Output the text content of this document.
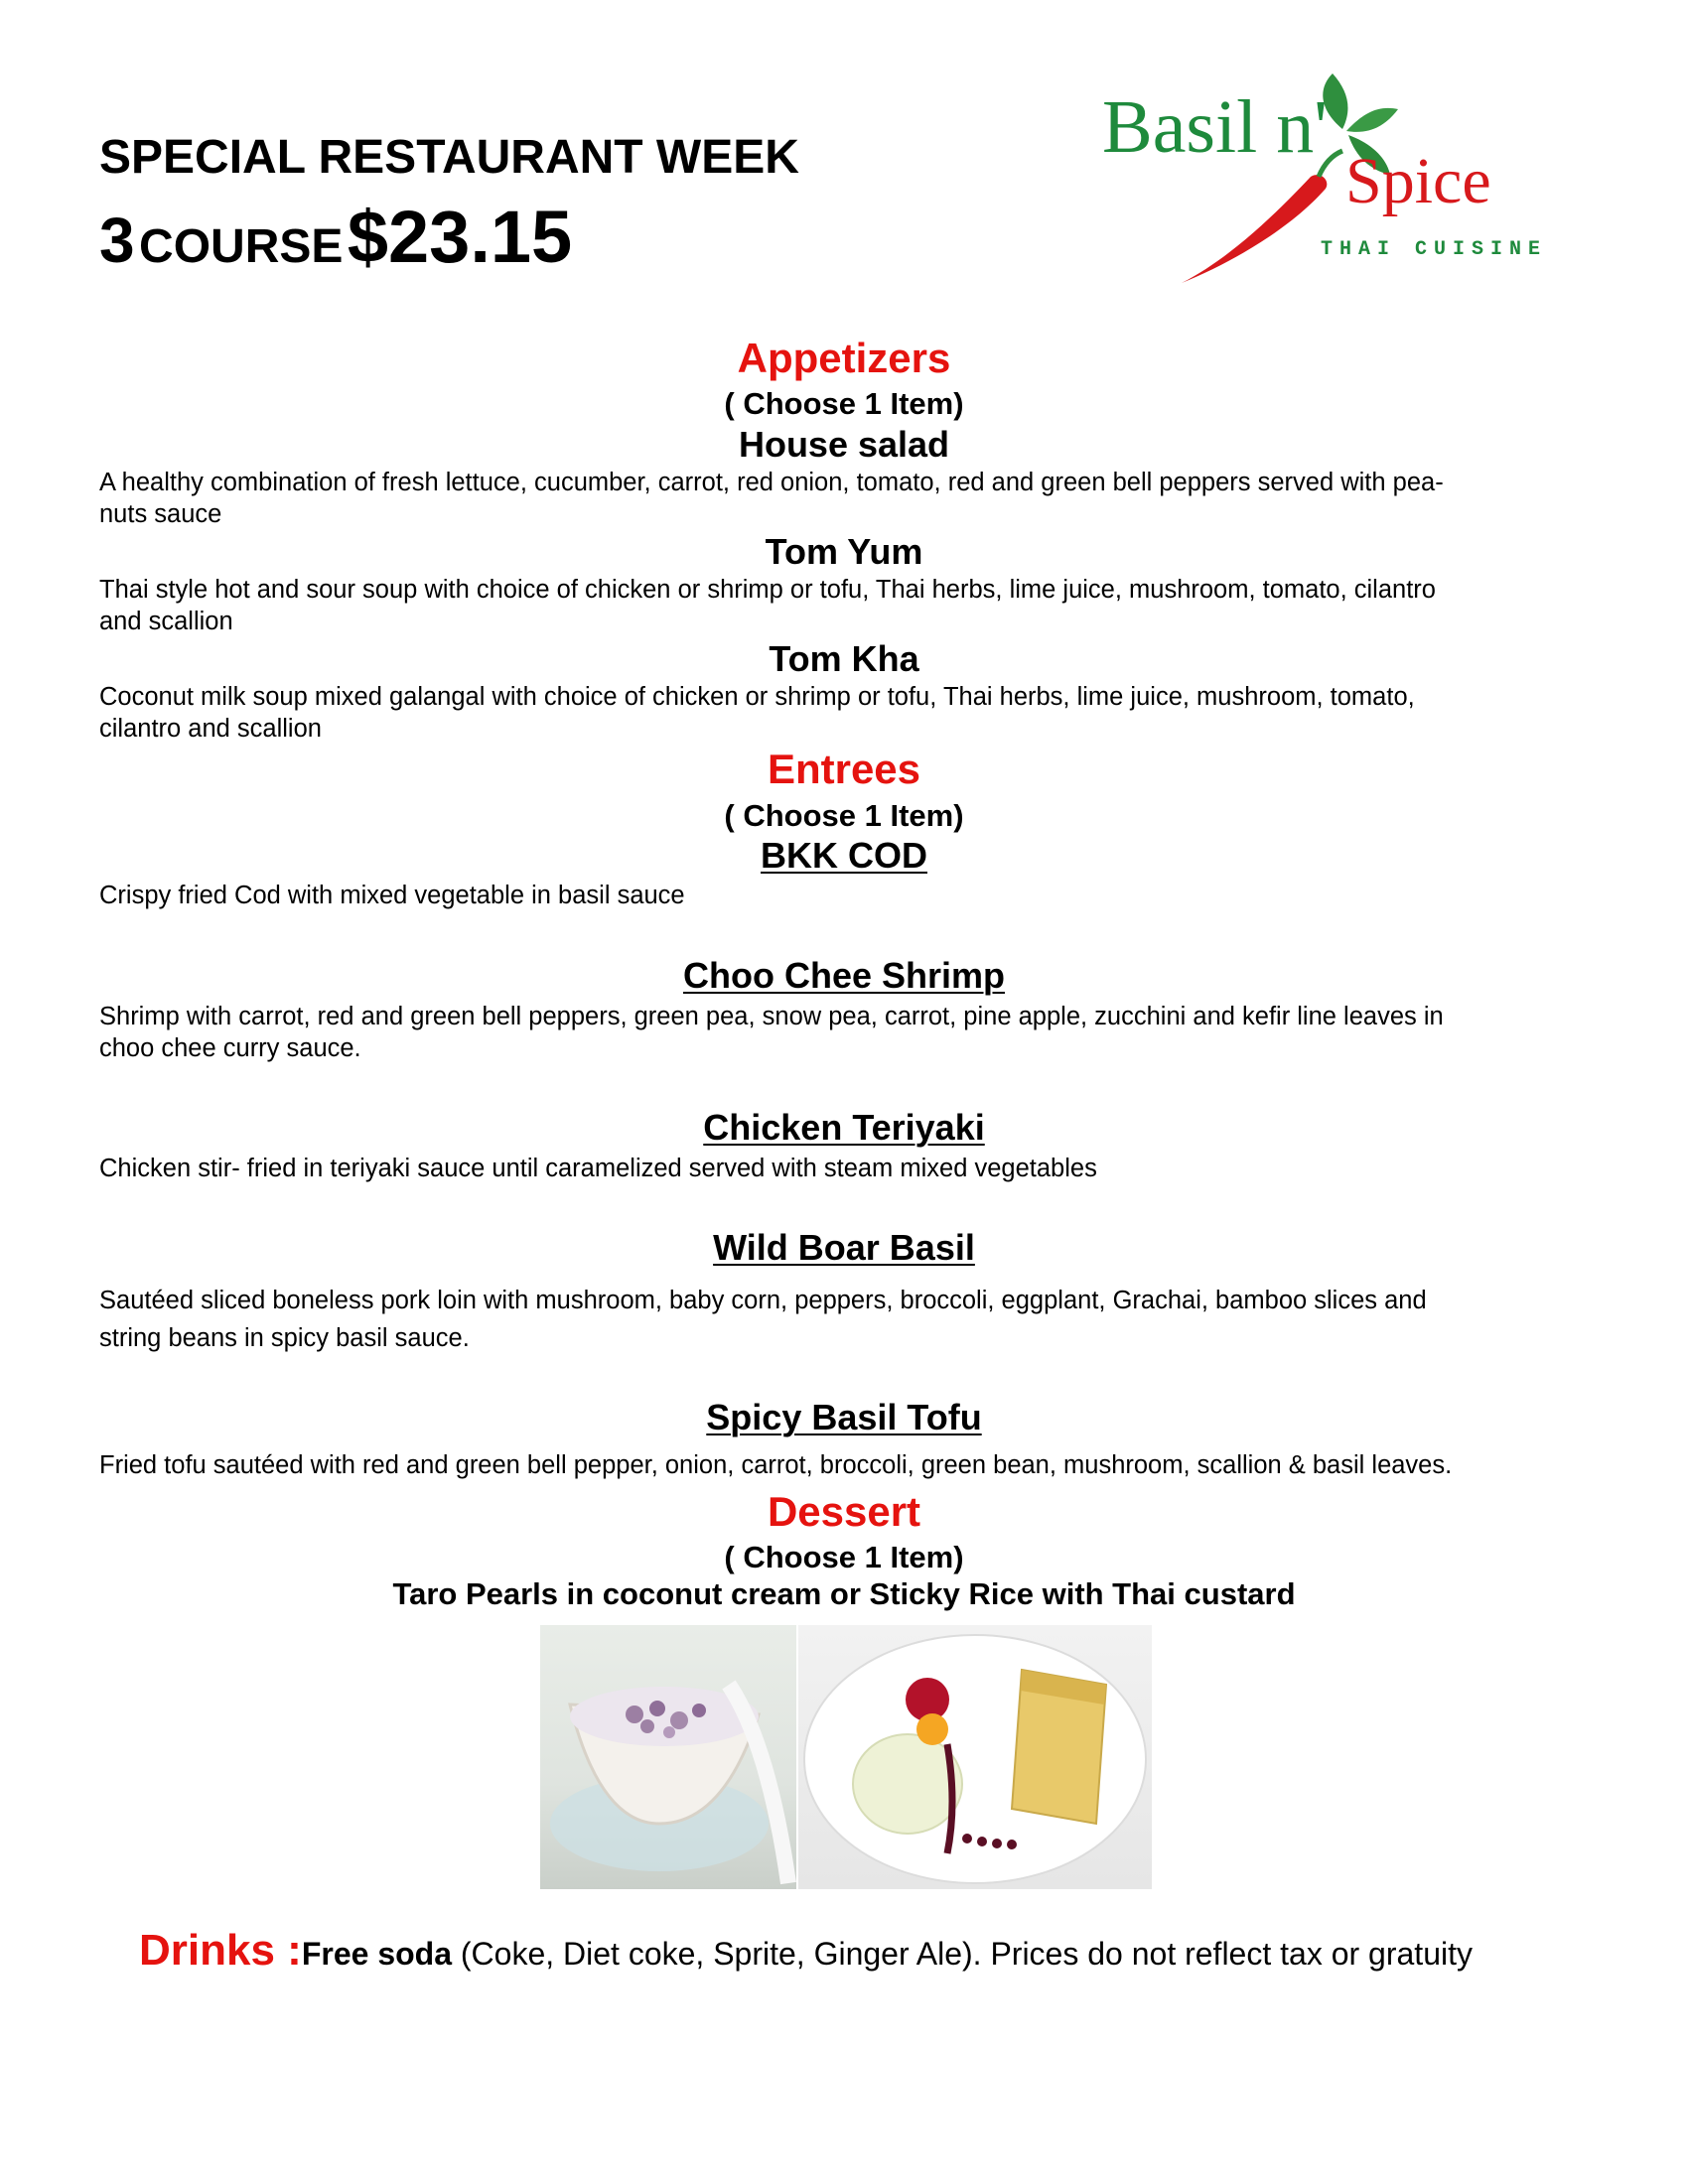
SPECIAL RESTAURANT WEEK
3 COURSE $23.15
Basil n'
Spice
THAI CUISINE
Appetizers
( Choose 1 Item)
House salad
A healthy combination of fresh lettuce, cucumber, carrot, red onion, tomato, red and green bell peppers served with pea-
nuts sauce
Tom Yum
Thai style hot and sour soup with choice of chicken or shrimp or tofu, Thai herbs, lime juice, mushroom, tomato, cilantro
and scallion
Tom Kha
Coconut milk soup mixed galangal with choice of chicken or shrimp or tofu, Thai herbs, lime juice, mushroom, tomato,
cilantro and scallion
Entrees
( Choose 1 Item)
BKK COD
Crispy fried Cod with mixed vegetable in basil sauce
Choo Chee Shrimp
Shrimp with carrot, red and green bell peppers, green pea, snow pea, carrot, pine apple, zucchini and kefir line leaves in
choo chee curry sauce.
Chicken Teriyaki
Chicken stir- fried in teriyaki sauce until caramelized served with steam mixed vegetables
Wild Boar Basil
Sautéed sliced boneless pork loin with mushroom, baby corn, peppers, broccoli, eggplant, Grachai, bamboo slices and
string beans in spicy basil sauce.
Spicy Basil Tofu
Fried tofu sautéed with red and green bell pepper, onion, carrot, broccoli, green bean, mushroom, scallion & basil leaves.
Dessert
( Choose 1 Item)
Taro Pearls in coconut cream or Sticky Rice with Thai custard
Drinks :Free soda (Coke, Diet coke, Sprite, Ginger Ale). Prices do not reflect tax or gratuity
